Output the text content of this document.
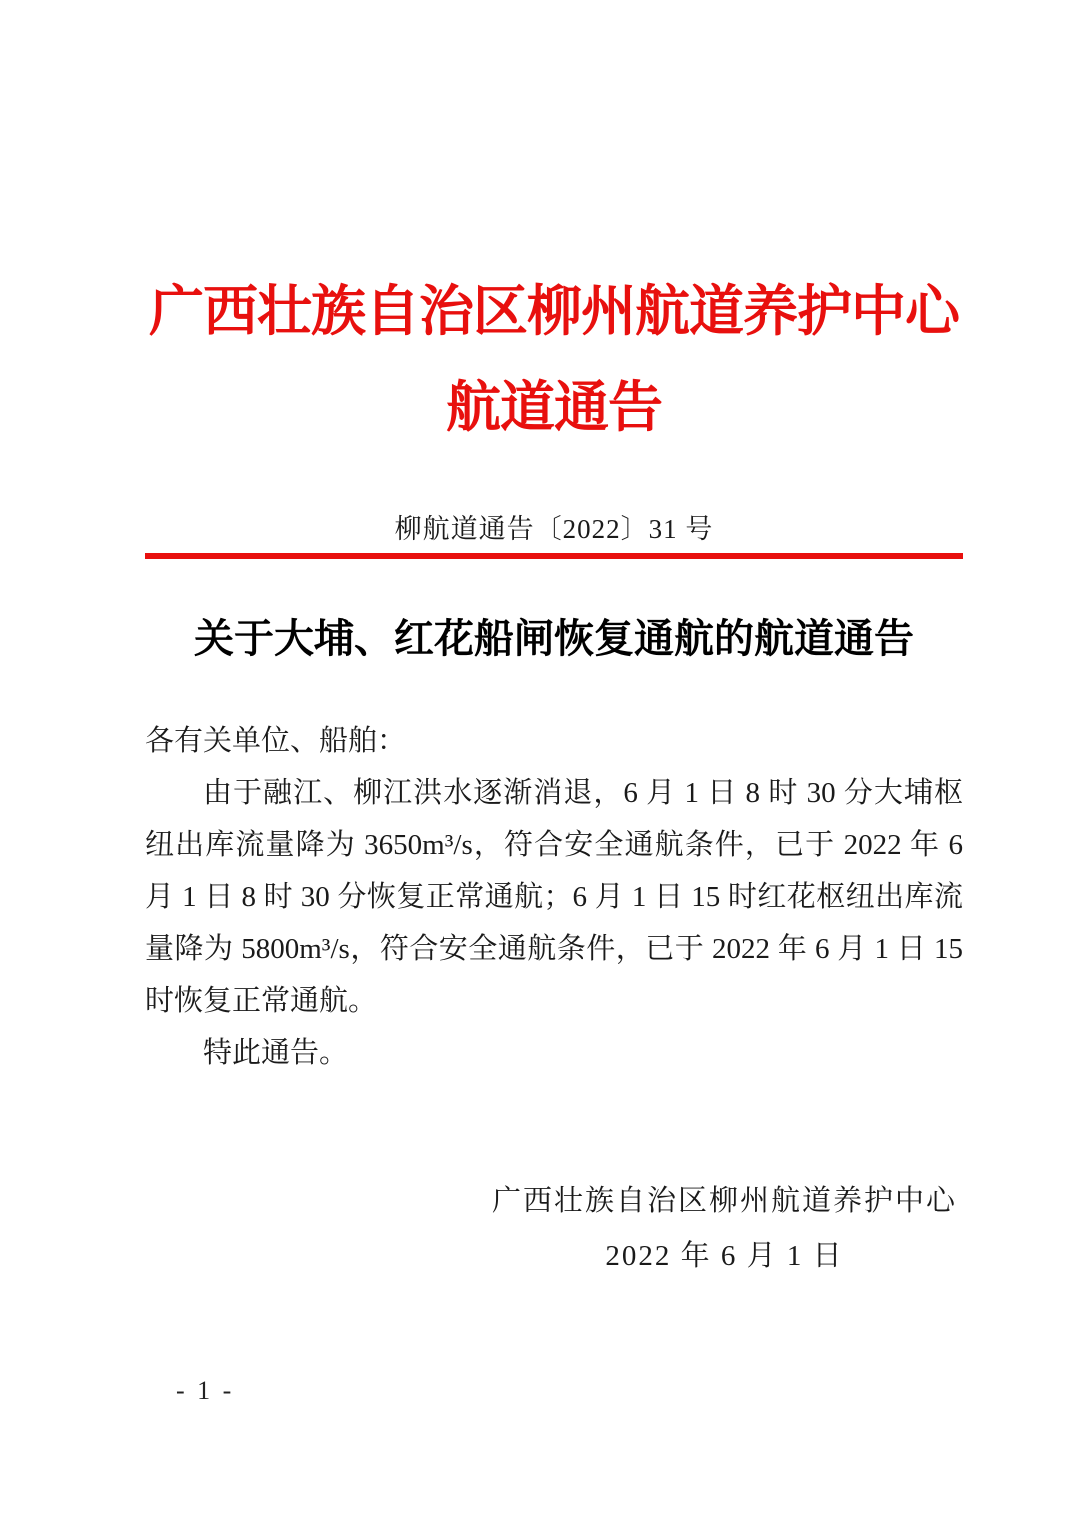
广西壮族自治区柳州航道养护中心
航道通告
柳航道通告〔2022〕31 号
关于大埔、红花船闸恢复通航的航道通告

各有关单位、船舶：

由于融江、柳江洪水逐渐消退，6 月 1 日 8 时 30 分大埔枢纽出库流量降为 3650m³/s，符合安全通航条件，已于 2022 年 6 月 1 日 8 时 30 分恢复正常通航；6 月 1 日 15 时红花枢纽出库流量降为 5800m³/s，符合安全通航条件，已于 2022 年 6 月 1 日 15 时恢复正常通航。

特此通告。

广西壮族自治区柳州航道养护中心
2022 年 6 月 1 日
- 1 -
